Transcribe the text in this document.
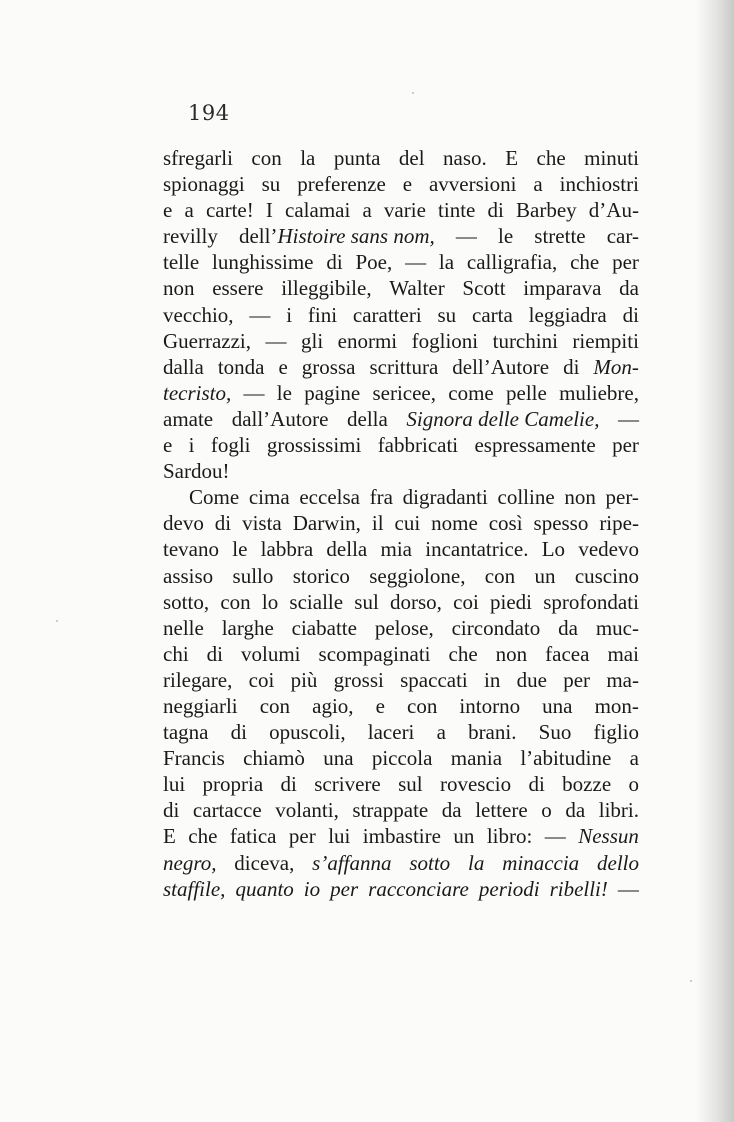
194
sfregarli con la punta del naso. E che minuti
spionaggi su preferenze e avversioni a inchiostri
e a carte! I calamai a varie tinte di Barbey d’Au-
revilly dell’Histoire sans nom, — le strette car-
telle lunghissime di Poe, — la calligrafia, che per
non essere illeggibile, Walter Scott imparava da
vecchio, — i fini caratteri su carta leggiadra di
Guerrazzi, — gli enormi foglioni turchini riempiti
dalla tonda e grossa scrittura dell’Autore di Mon-
tecristo, — le pagine sericee, come pelle muliebre,
amate dall’Autore della Signora delle Camelie, —
e i fogli grossissimi fabbricati espressamente per
Sardou!
Come cima eccelsa fra digradanti colline non per-
devo di vista Darwin, il cui nome così spesso ripe-
tevano le labbra della mia incantatrice. Lo vedevo
assiso sullo storico seggiolone, con un cuscino
sotto, con lo scialle sul dorso, coi piedi sprofondati
nelle larghe ciabatte pelose, circondato da muc-
chi di volumi scompaginati che non facea mai
rilegare, coi più grossi spaccati in due per ma-
neggiarli con agio, e con intorno una mon-
tagna di opuscoli, laceri a brani. Suo figlio
Francis chiamò una piccola mania l’abitudine a
lui propria di scrivere sul rovescio di bozze o
di cartacce volanti, strappate da lettere o da libri.
E che fatica per lui imbastire un libro: — Nessun
negro, diceva, s’affanna sotto la minaccia dello
staffile, quanto io per racconciare periodi ribelli! —
